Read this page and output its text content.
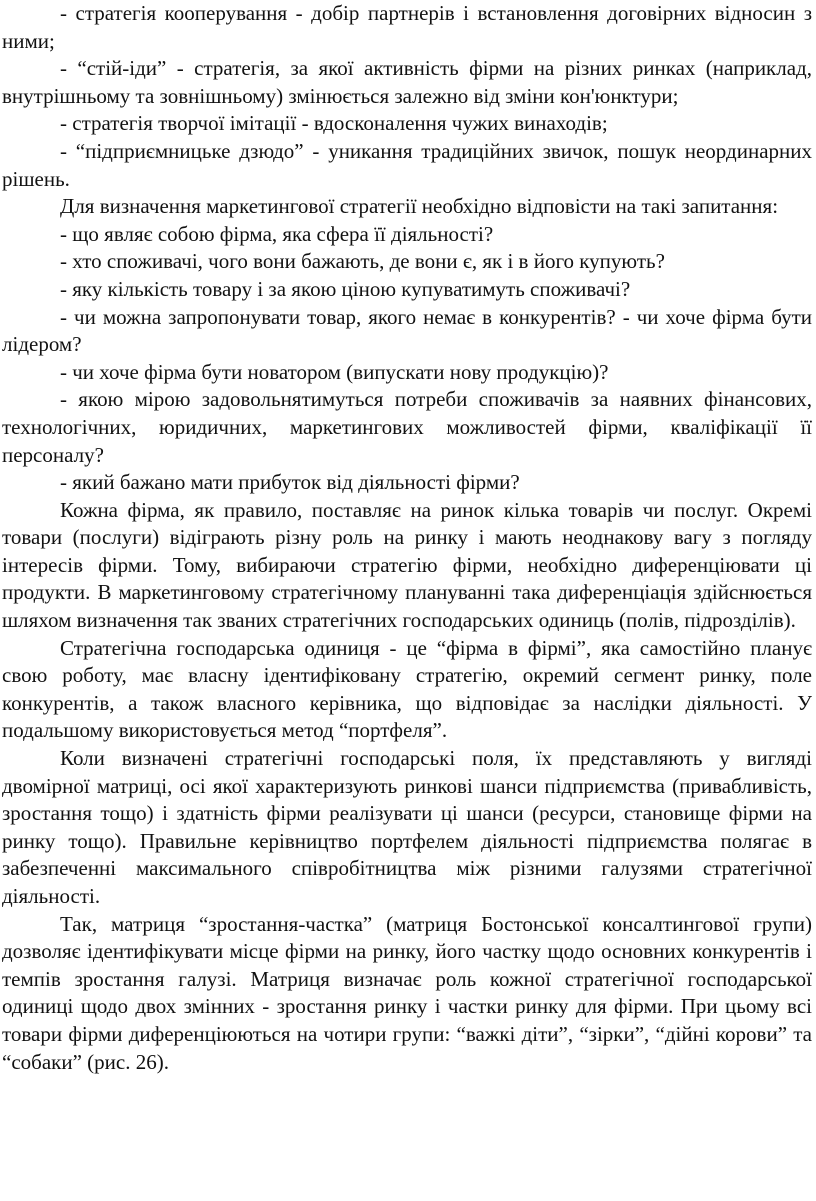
- стратегія кооперування - добір партнерів і встановлення договірних відносин з ними;

- “стій-іди” - стратегія, за якої активність фірми на різних ринках (наприклад, внутрішньому та зовнішньому) змінюється залежно від зміни кон'юнктури;

- стратегія творчої імітації - вдосконалення чужих винаходів;

- “підприємницьке дзюдо” - уникання традиційних звичок, пошук неординарних рішень.

Для визначення маркетингової стратегії необхідно відповісти на такі запитання:

- що являє собою фірма, яка сфера її діяльності?

- хто споживачі, чого вони бажають, де вони є, як і в його купують?

- яку кількість товару і за якою ціною купуватимуть споживачі?

- чи можна запропонувати товар, якого немає в конкурентів? - чи хоче фірма бути лідером?

- чи хоче фірма бути новатором (випускати нову продукцію)?

- якою мірою задовольнятимуться потреби споживачів за наявних фінансових, технологічних, юридичних, маркетингових можливостей фірми, кваліфікації її персоналу?

- який бажано мати прибуток від діяльності фірми?

Кожна фірма, як правило, поставляє на ринок кілька товарів чи послуг. Окремі товари (послуги) відіграють різну роль на ринку і мають неоднакову вагу з погляду інтересів фірми. Тому, вибираючи стратегію фірми, необхідно диференціювати ці продукти. В маркетинговому стратегічному плануванні така диференціація здійснюється шляхом визначення так званих стратегічних господарських одиниць (полів, підрозділів).

Стратегічна господарська одиниця - це “фірма в фірмі”, яка самостійно планує свою роботу, має власну ідентифіковану стратегію, окремий сегмент ринку, поле конкурентів, а також власного керівника, що відповідає за наслідки діяльності. У подальшому використовується метод “портфеля”.

Коли визначені стратегічні господарські поля, їх представляють у вигляді двомірної матриці, осі якої характеризують ринкові шанси підприємства (привабливість, зростання тощо) і здатність фірми реалізувати ці шанси (ресурси, становище фірми на ринку тощо). Правильне керівництво портфелем діяльності підприємства полягає в забезпеченні максимального співробітництва між різними галузями стратегічної діяльності.

Так, матриця “зростання-частка” (матриця Бостонської консалтингової групи) дозволяє ідентифікувати місце фірми на ринку, його частку щодо основних конкурентів і темпів зростання галузі. Матриця визначає роль кожної стратегічної господарської одиниці щодо двох змінних - зростання ринку і частки ринку для фірми. При цьому всі товари фірми диференціюються на чотири групи: “важкі діти”, “зірки”, “дійні корови” та “собаки” (рис. 26).
